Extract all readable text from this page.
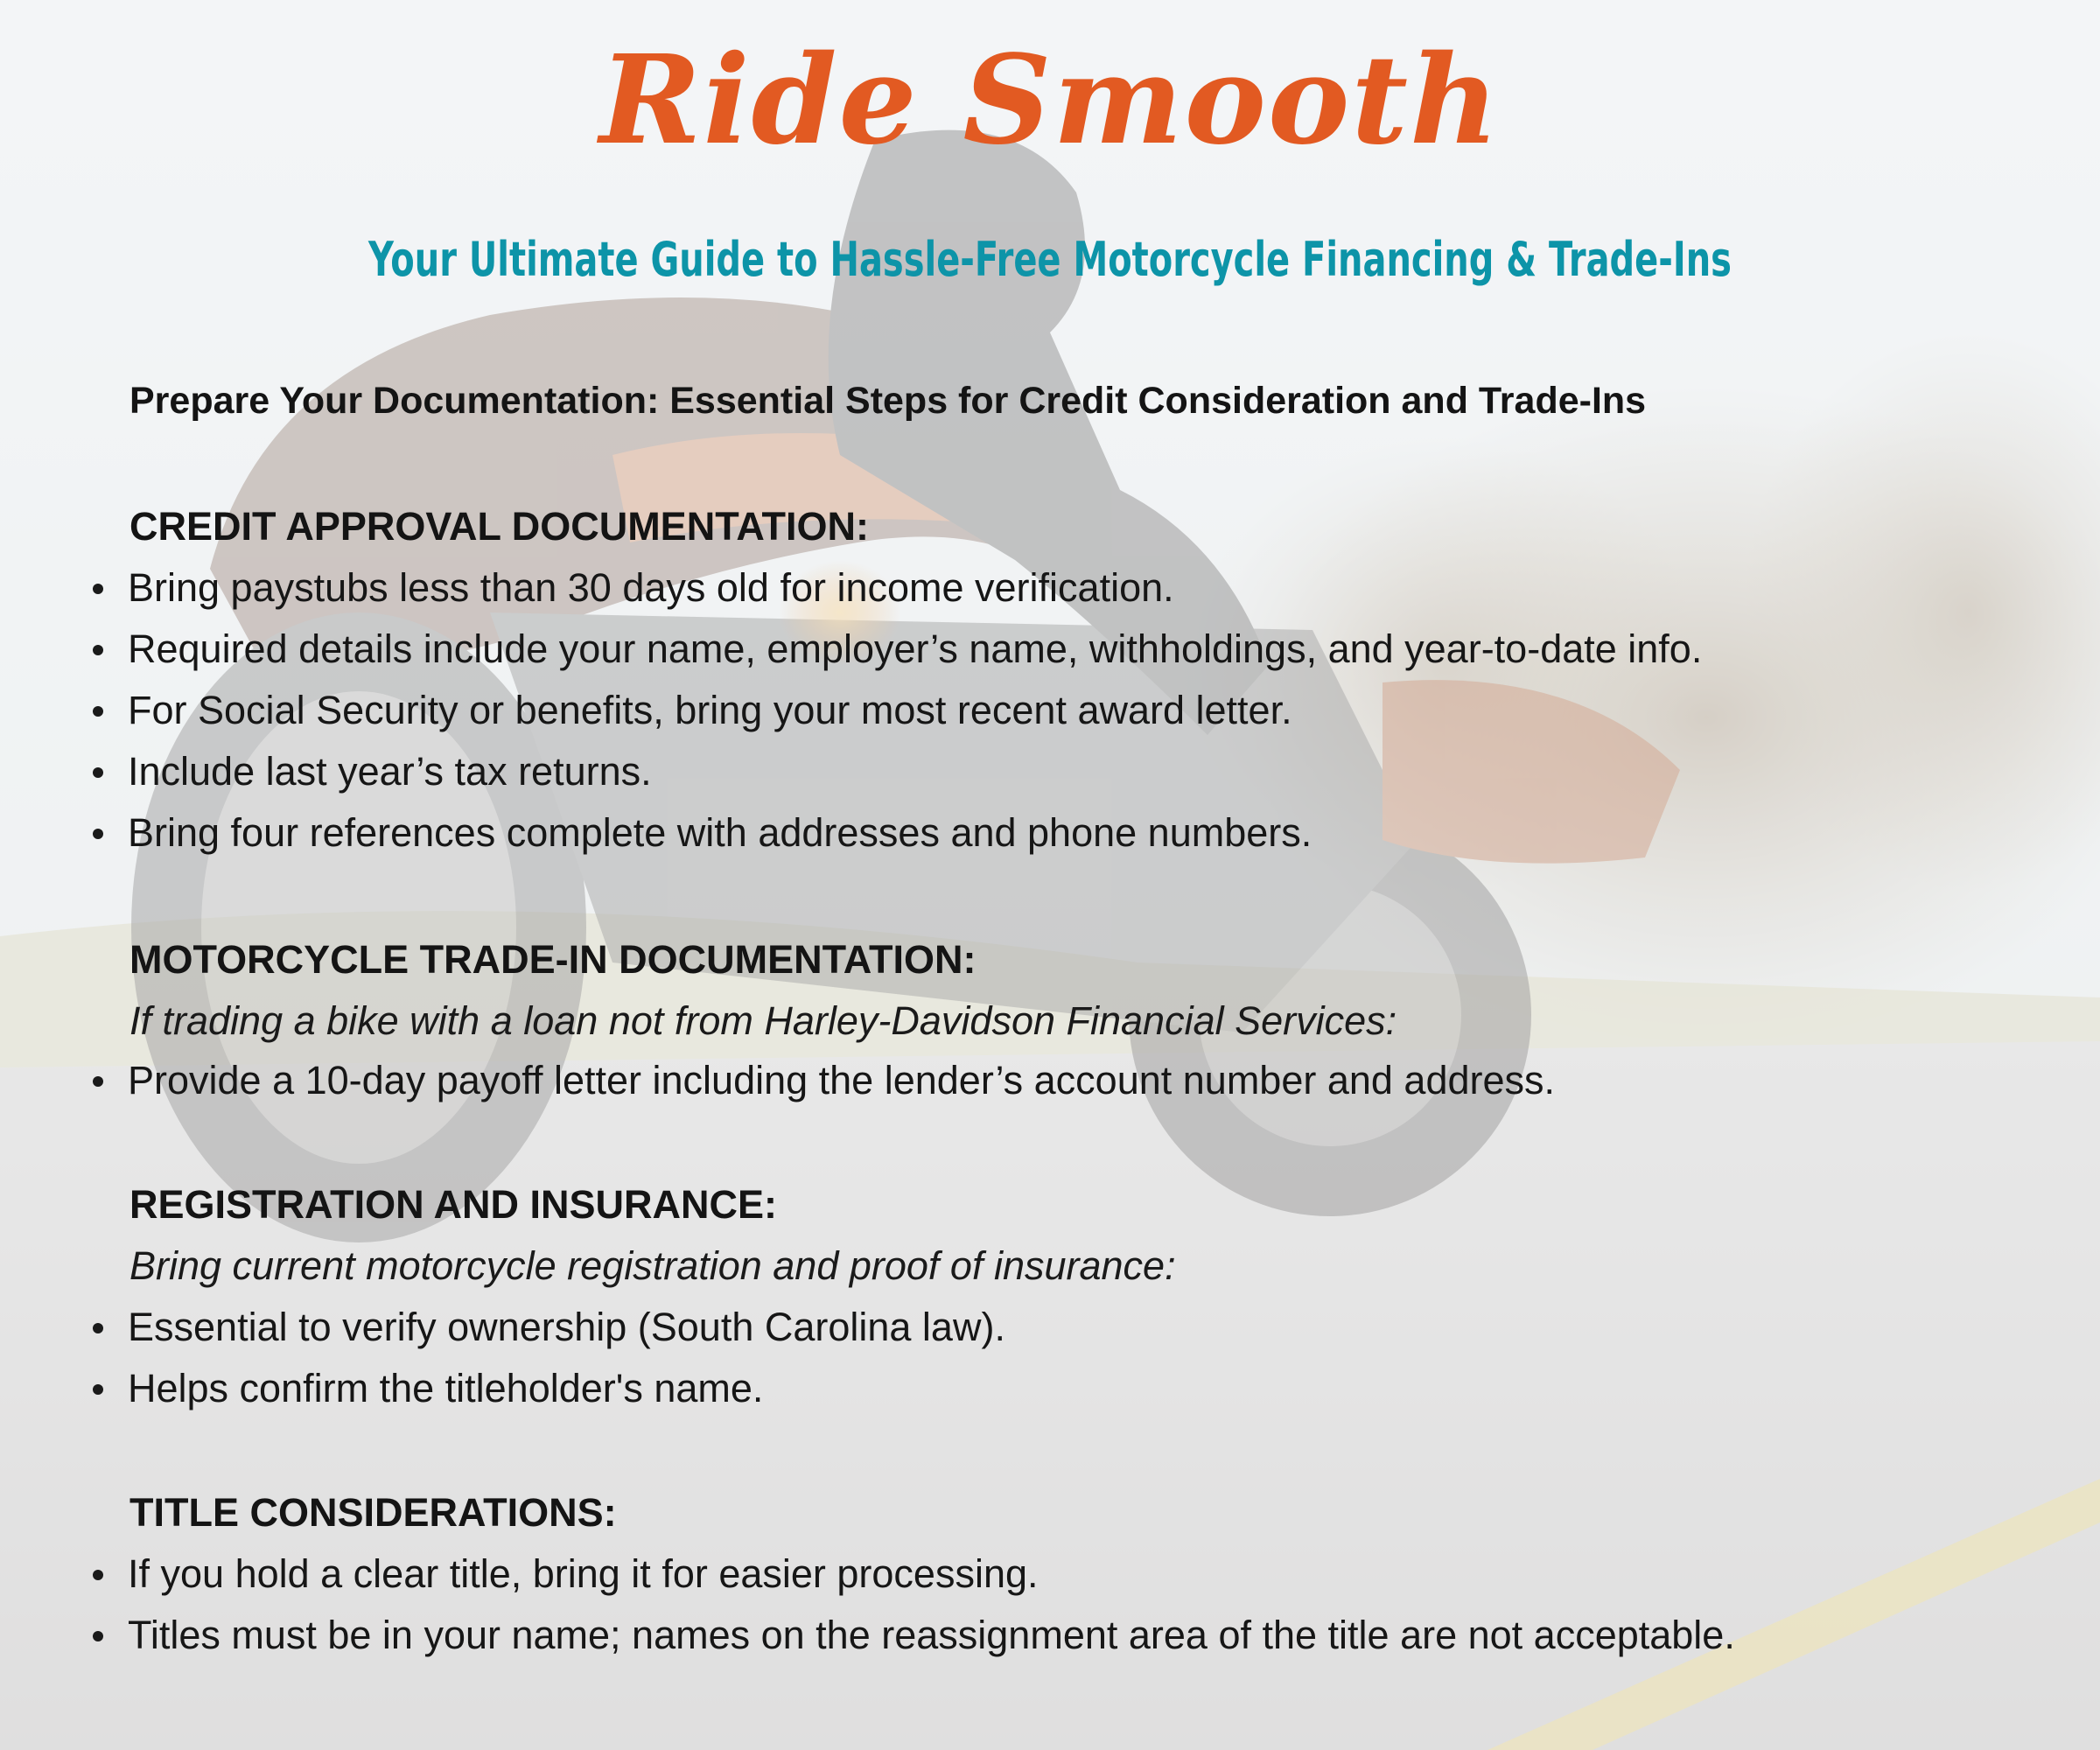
Ride Smooth
Your Ultimate Guide to Hassle-Free Motorcycle Financing & Trade-Ins

Prepare Your Documentation: Essential Steps for Credit Consideration and Trade-Ins

CREDIT APPROVAL DOCUMENTATION:

Bring paystubs less than 30 days old for income verification.
Required details include your name, employer’s name, withholdings, and year-to-date info.
For Social Security or benefits, bring your most recent award letter.
Include last year’s tax returns.
Bring four references complete with addresses and phone numbers.

MOTORCYCLE TRADE-IN DOCUMENTATION:

If trading a bike with a loan not from Harley-Davidson Financial Services:

Provide a 10-day payoff letter including the lender’s account number and address.

REGISTRATION AND INSURANCE:

Bring current motorcycle registration and proof of insurance:

Essential to verify ownership (South Carolina law).
Helps confirm the titleholder's name.

TITLE CONSIDERATIONS:

If you hold a clear title, bring it for easier processing.
Titles must be in your name; names on the reassignment area of the title are not acceptable.
